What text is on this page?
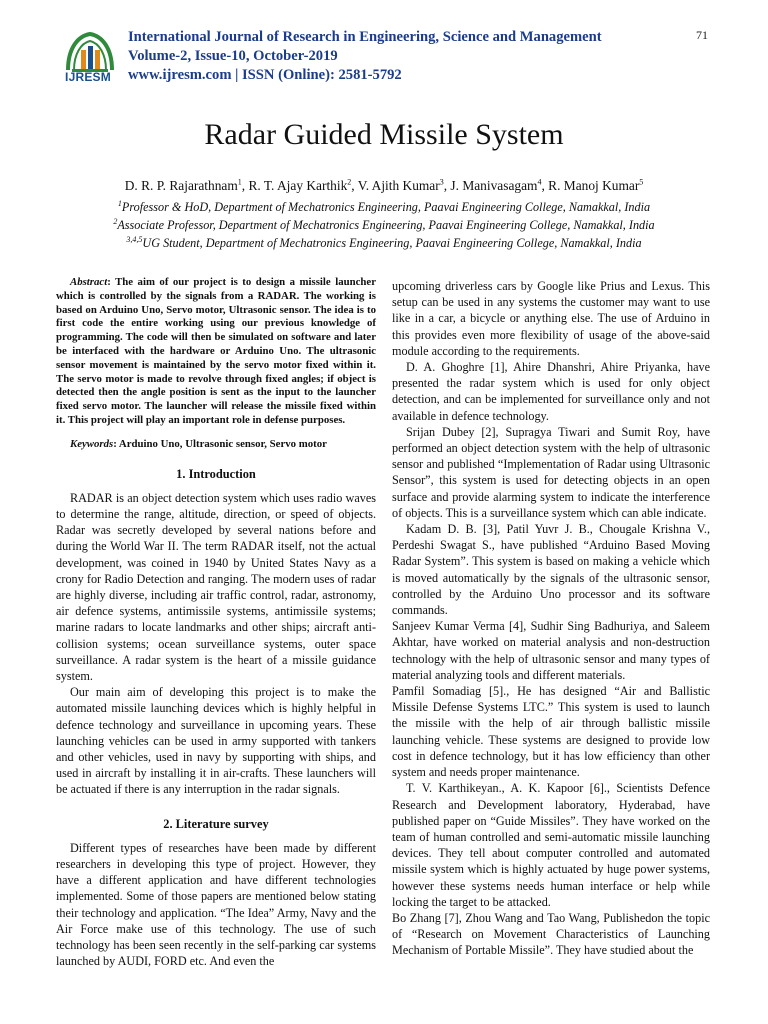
IJRESM
International Journal of Research in Engineering, Science and Management
Volume-2, Issue-10, October-2019
www.ijresm.com | ISSN (Online): 2581-5792
71
Radar Guided Missile System
D. R. P. Rajarathnam$^1$, R. T. Ajay Karthik$^2$, V. Ajith Kumar$^3$, J. Manivasagam$^4$, R. Manoj Kumar$^5$
$^1$Professor & HoD, Department of Mechatronics Engineering, Paavai Engineering College, Namakkal, India
$^2$Associate Professor, Department of Mechatronics Engineering, Paavai Engineering College, Namakkal, India
$^{3,4,5}$UG Student, Department of Mechatronics Engineering, Paavai Engineering College, Namakkal, India

Abstract: The aim of our project is to design a missile launcher which is controlled by the signals from a RADAR. The working is based on Arduino Uno, Servo motor, Ultrasonic sensor. The idea is to first code the entire working using our previous knowledge of programming. The code will then be simulated on software and later be interfaced with the hardware or Arduino Uno. The ultrasonic sensor movement is maintained by the servo motor fixed within it. The servo motor is made to revolve through fixed angles; if object is detected then the angle position is sent as the input to the launcher fixed servo motor. The launcher will release the missile fixed within it. This project will play an important role in defense purposes.

Keywords: Arduino Uno, Ultrasonic sensor, Servo motor

1. Introduction

RADAR is an object detection system which uses radio waves to determine the range, altitude, direction, or speed of objects. Radar was secretly developed by several nations before and during the World War II. The term RADAR itself, not the actual development, was coined in 1940 by United States Navy as a crony for Radio Detection and ranging. The modern uses of radar are highly diverse, including air traffic control, radar, astronomy, air defence systems, antimissile systems, antimissile systems; marine radars to locate landmarks and other ships; aircraft anti-collision systems; ocean surveillance systems, outer space surveillance. A radar system is the heart of a missile guidance system.

Our main aim of developing this project is to make the automated missile launching devices which is highly helpful in defence technology and surveillance in upcoming years. These launching vehicles can be used in army supported with tankers and other vehicles, used in navy by supporting with ships, and used in aircraft by installing it in air-crafts. These launchers will be actuated if there is any interruption in the radar signals.

2. Literature survey

Different types of researches have been made by different researchers in developing this type of project. However, they have a different application and have different technologies implemented. Some of those papers are mentioned below stating their technology and application. “The Idea” Army, Navy and the Air Force make use of this technology. The use of such technology has been seen recently in the self-parking car systems launched by AUDI, FORD etc. And even the

upcoming driverless cars by Google like Prius and Lexus. This setup can be used in any systems the customer may want to use like in a car, a bicycle or anything else. The use of Arduino in this provides even more flexibility of usage of the above-said module according to the requirements.

D. A. Ghoghre [1], Ahire Dhanshri, Ahire Priyanka, have presented the radar system which is used for only object detection, and can be implemented for surveillance only and not available in defence technology.

Srijan Dubey [2], Supragya Tiwari and Sumit Roy, have performed an object detection system with the help of ultrasonic sensor and published “Implementation of Radar using Ultrasonic Sensor”, this system is used for detecting objects in an open surface and provide alarming system to indicate the interference of objects. This is a surveillance system which can able indicate.

Kadam D. B. [3], Patil Yuvr J. B., Chougale Krishna V., Perdeshi Swagat S., have published “Arduino Based Moving Radar System”. This system is based on making a vehicle which is moved automatically by the signals of the ultrasonic sensor, controlled by the Arduino Uno processor and its software commands.

Sanjeev Kumar Verma [4], Sudhir Sing Badhuriya, and Saleem Akhtar, have worked on material analysis and non-destruction technology with the help of ultrasonic sensor and many types of material analyzing tools and different materials.

Pamfil Somadiag [5]., He has designed “Air and Ballistic Missile Defense Systems LTC.” This system is used to launch the missile with the help of air through ballistic missile launching vehicle. These systems are designed to provide low cost in defence technology, but it has low efficiency than other system and needs proper maintenance.

T. V. Karthikeyan., A. K. Kapoor [6]., Scientists Defence Research and Development laboratory, Hyderabad, have published paper on “Guide Missiles”. They have worked on the team of human controlled and semi-automatic missile launching devices. They tell about computer controlled and automated missile system which is highly actuated by huge power systems, however these systems needs human interface or help while locking the target to be attacked.

Bo Zhang [7], Zhou Wang and Tao Wang, Publishedon the topic of “Research on Movement Characteristics of Launching Mechanism of Portable Missile”. They have studied about the
